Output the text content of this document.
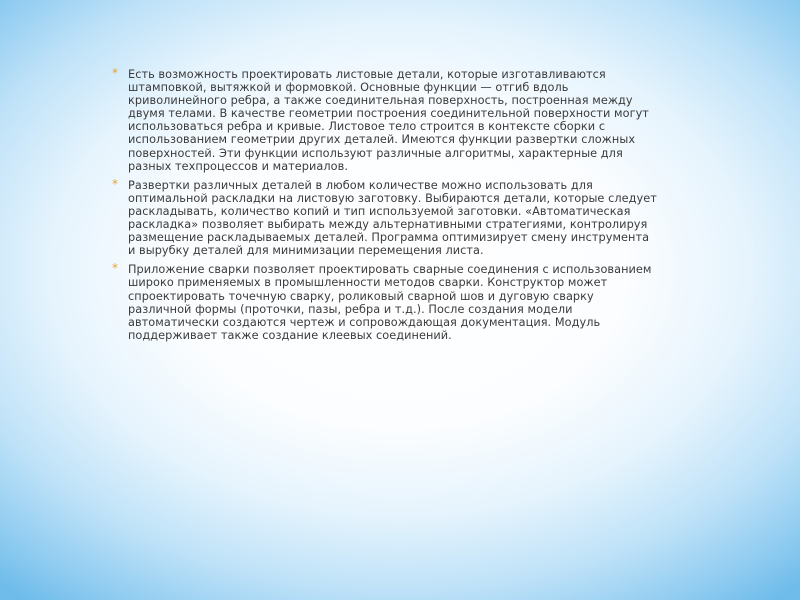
* Есть возможность проектировать листовые детали, которые изготавливаются штамповкой, вытяжкой и формовкой. Основные функции — отгиб вдоль криволинейного ребра, а также соединительная поверхность, построенная между двумя телами. В качестве геометрии построения соединительной поверхности могут использоваться ребра и кривые. Листовое тело строится в контексте сборки с использованием геометрии других деталей. Имеются функции развертки сложных поверхностей. Эти функции используют различные алгоритмы, характерные для разных техпроцессов и материалов.

* Развертки различных деталей в любом количестве можно использовать для оптимальной раскладки на листовую заготовку. Выбираются детали, которые следует раскладывать, количество копий и тип используемой заготовки. «Автоматическая раскладка» позволяет выбирать между альтернативными стратегиями, контролируя размещение раскладываемых деталей. Программа оптимизирует смену инструмента и вырубку деталей для минимизации перемещения листа.

* Приложение сварки позволяет проектировать сварные соединения с использованием широко применяемых в промышленности методов сварки. Конструктор может спроектировать точечную сварку, роликовый сварной шов и дуговую сварку различной формы (проточки, пазы, ребра и т.д.). После создания модели автоматически создаются чертеж и сопровождающая документация. Модуль поддерживает также создание клеевых соединений.
